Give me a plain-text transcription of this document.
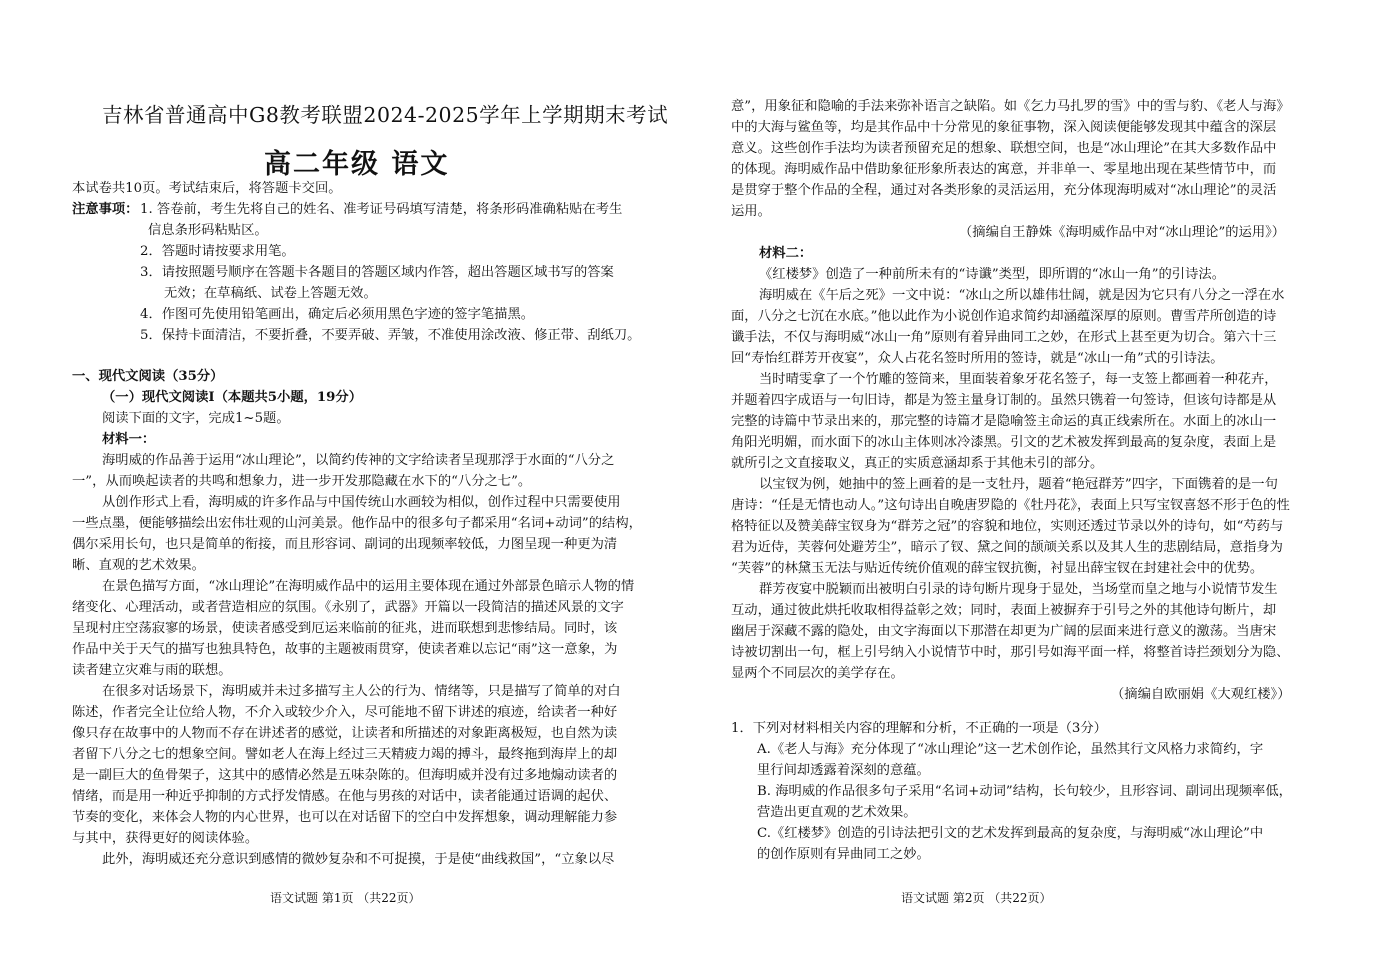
吉林省普通高中G8教考联盟2024-2025学年上学期期末考试
高二年级 语文
本试卷共10页。考试结束后，将答题卡交回。
注意事项： 1. 答卷前，考生先将自己的姓名、准考证号码填写清楚，将条形码准确粘贴在考生
信息条形码粘贴区。
2．答题时请按要求用笔。
3．请按照题号顺序在答题卡各题目的答题区域内作答，超出答题区域书写的答案
无效；在草稿纸、试卷上答题无效。
4．作图可先使用铅笔画出，确定后必须用黑色字迹的签字笔描黑。
5．保持卡面清洁，不要折叠，不要弄破、弄皱，不准使用涂改液、修正带、刮纸刀。
一、现代文阅读（35分）
（一）现代文阅读Ⅰ（本题共5小题，19分）
阅读下面的文字，完成1~5题。
材料一：
海明威的作品善于运用“冰山理论”，以简约传神的文字给读者呈现那浮于水面的“八分之
一”，从而唤起读者的共鸣和想象力，进一步开发那隐藏在水下的“八分之七”。
从创作形式上看，海明威的许多作品与中国传统山水画较为相似，创作过程中只需要使用
一些点墨，便能够描绘出宏伟壮观的山河美景。他作品中的很多句子都采用“名词+动词”的结构，
偶尔采用长句，也只是简单的衔接，而且形容词、副词的出现频率较低，力图呈现一种更为清
晰、直观的艺术效果。
在景色描写方面，“冰山理论”在海明威作品中的运用主要体现在通过外部景色暗示人物的情
绪变化、心理活动，或者营造相应的氛围。《永别了，武器》开篇以一段简洁的描述风景的文字
呈现村庄空荡寂寥的场景，使读者感受到厄运来临前的征兆，进而联想到悲惨结局。同时，该
作品中关于天气的描写也独具特色，故事的主题被雨贯穿，使读者难以忘记“雨”这一意象，为
读者建立灾难与雨的联想。
在很多对话场景下，海明威并未过多描写主人公的行为、情绪等，只是描写了简单的对白
陈述，作者完全让位给人物，不介入或较少介入，尽可能地不留下讲述的痕迹，给读者一种好
像只存在故事中的人物而不存在讲述者的感觉，让读者和所描述的对象距离极短，也自然为读
者留下八分之七的想象空间。譬如老人在海上经过三天精疲力竭的搏斗，最终拖到海岸上的却
是一副巨大的鱼骨架子，这其中的感情必然是五味杂陈的。但海明威并没有过多地煽动读者的
情绪，而是用一种近乎抑制的方式抒发情感。在他与男孩的对话中，读者能通过语调的起伏、
节奏的变化，来体会人物的内心世界，也可以在对话留下的空白中发挥想象，调动理解能力参
与其中，获得更好的阅读体验。
此外，海明威还充分意识到感情的微妙复杂和不可捉摸，于是使“曲线救国”，“立象以尽
语文试题 第1页 （共22页）
意”，用象征和隐喻的手法来弥补语言之缺陷。如《乞力马扎罗的雪》中的雪与豹、《老人与海》
中的大海与鲨鱼等，均是其作品中十分常见的象征事物，深入阅读便能够发现其中蕴含的深层
意义。这些创作手法均为读者预留充足的想象、联想空间，也是“冰山理论”在其大多数作品中
的体现。海明威作品中借助象征形象所表达的寓意，并非单一、零星地出现在某些情节中，而
是贯穿于整个作品的全程，通过对各类形象的灵活运用，充分体现海明威对“冰山理论”的灵活
运用。
（摘编自王静姝《海明威作品中对“冰山理论”的运用》）
材料二：
《红楼梦》创造了一种前所未有的“诗谶”类型，即所谓的“冰山一角”的引诗法。
海明威在《午后之死》一文中说：“冰山之所以雄伟壮阔，就是因为它只有八分之一浮在水
面，八分之七沉在水底。”他以此作为小说创作追求简约却涵蕴深厚的原则。曹雪芹所创造的诗
谶手法，不仅与海明威“冰山一角”原则有着异曲同工之妙，在形式上甚至更为切合。第六十三
回“寿怡红群芳开夜宴”，众人占花名签时所用的签诗，就是“冰山一角”式的引诗法。
当时晴雯拿了一个竹雕的签筒来，里面装着象牙花名签子，每一支签上都画着一种花卉，
并题着四字成语与一句旧诗，都是为签主量身订制的。虽然只镌着一句签诗，但该句诗都是从
完整的诗篇中节录出来的，那完整的诗篇才是隐喻签主命运的真正线索所在。水面上的冰山一
角阳光明媚，而水面下的冰山主体则冰冷漆黑。引文的艺术被发挥到最高的复杂度，表面上是
就所引之文直接取义，真正的实质意涵却系于其他未引的部分。
以宝钗为例，她抽中的签上画着的是一支牡丹，题着“艳冠群芳”四字，下面镌着的是一句
唐诗：“任是无情也动人。”这句诗出自晚唐罗隐的《牡丹花》，表面上只写宝钗喜怒不形于色的性
格特征以及赞美薛宝钗身为“群芳之冠”的容貌和地位，实则还透过节录以外的诗句，如“芍药与
君为近侍，芙蓉何处避芳尘”，暗示了钗、黛之间的颉颃关系以及其人生的悲剧结局，意指身为
“芙蓉”的林黛玉无法与贴近传统价值观的薛宝钗抗衡，衬显出薛宝钗在封建社会中的优势。
群芳夜宴中脱颖而出被明白引录的诗句断片现身于显处，当场堂而皇之地与小说情节发生
互动，通过彼此烘托收取相得益彰之效；同时，表面上被摒弃于引号之外的其他诗句断片，却
幽居于深藏不露的隐处，由文字海面以下那潜在却更为广阔的层面来进行意义的激荡。当唐宋
诗被切割出一句，框上引号纳入小说情节中时，那引号如海平面一样，将整首诗拦颈划分为隐、
显两个不同层次的美学存在。
（摘编自欧丽娟《大观红楼》）
1．下列对材料相关内容的理解和分析，不正确的一项是（3分）
A.《老人与海》充分体现了“冰山理论”这一艺术创作论，虽然其行文风格力求简约，字
里行间却透露着深刻的意蕴。
B. 海明威的作品很多句子采用“名词+动词”结构，长句较少，且形容词、副词出现频率低，
营造出更直观的艺术效果。
C.《红楼梦》创造的引诗法把引文的艺术发挥到最高的复杂度，与海明威“冰山理论”中
的创作原则有异曲同工之妙。
语文试题 第2页 （共22页）
